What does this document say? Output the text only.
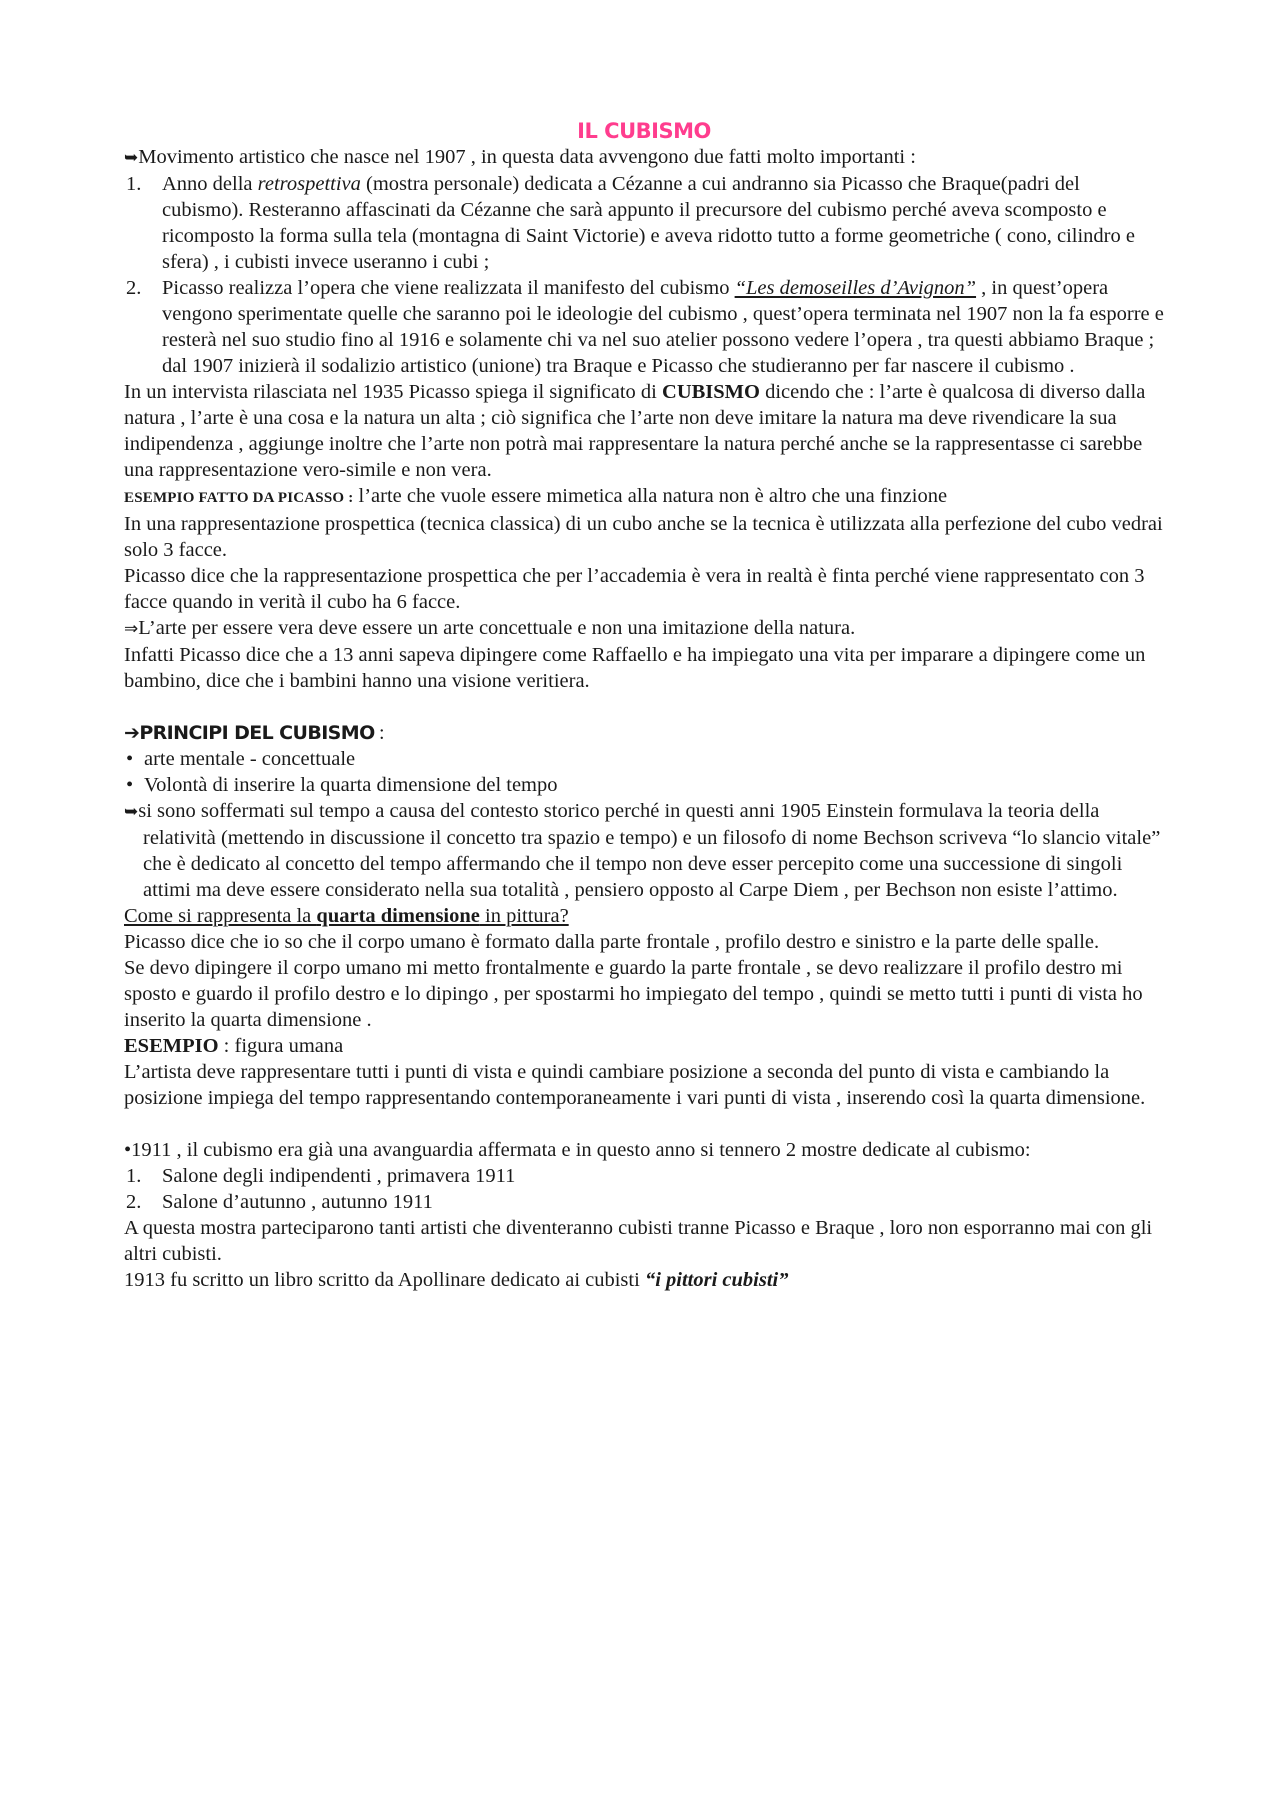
IL CUBISMO

➥Movimento artistico che nasce nel 1907 , in questa data avvengono due fatti molto importanti :

1. Anno della retrospettiva (mostra personale) dedicata a Cézanne a cui andranno sia Picasso che Braque(padri del cubismo). Resteranno affascinati da Cézanne che sarà appunto il precursore del cubismo perché aveva scomposto e ricomposto la forma sulla tela (montagna di Saint Victorie) e aveva ridotto tutto a forme geometriche ( cono, cilindro e sfera) , i cubisti invece useranno i cubi ;
2. Picasso realizza l’opera che viene realizzata il manifesto del cubismo “Les demoseilles d’Avignon” , in quest’opera vengono sperimentate quelle che saranno poi le ideologie del cubismo , quest’opera terminata nel 1907 non la fa esporre e resterà nel suo studio fino al 1916 e solamente chi va nel suo atelier possono vedere l’opera , tra questi abbiamo Braque ; dal 1907 inizierà il sodalizio artistico (unione) tra Braque e Picasso che studieranno per far nascere il cubismo .

In un intervista rilasciata nel 1935 Picasso spiega il significato di CUBISMO dicendo che : l’arte è qualcosa di diverso dalla natura , l’arte è una cosa e la natura un alta ; ciò significa che l’arte non deve imitare la natura ma deve rivendicare la sua indipendenza , aggiunge inoltre che l’arte non potrà mai rappresentare la natura perché anche se la rappresentasse ci sarebbe una rappresentazione vero-simile e non vera.

ESEMPIO FATTO DA PICASSO : l’arte che vuole essere mimetica alla natura non è altro che una finzione

In una rappresentazione prospettica (tecnica classica) di un cubo anche se la tecnica è utilizzata alla perfezione del cubo vedrai solo 3 facce.

Picasso dice che la rappresentazione prospettica che per l’accademia è vera in realtà è finta perché viene rappresentato con 3 facce quando in verità il cubo ha 6 facce.

⇒L’arte per essere vera deve essere un arte concettuale e non una imitazione della natura.

Infatti Picasso dice che a 13 anni sapeva dipingere come Raffaello e ha impiegato una vita per imparare a dipingere come un bambino, dice che i bambini hanno una visione veritiera.

➔PRINCIPI DEL CUBISMO :
• arte mentale - concettuale
• Volontà di inserire la quarta dimensione del tempo

➥si sono soffermati sul tempo a causa del contesto storico perché in questi anni 1905 Einstein formulava la teoria della relatività (mettendo in discussione il concetto tra spazio e tempo) e un filosofo di nome Bechson scriveva “lo slancio vitale” che è dedicato al concetto del tempo affermando che il tempo non deve esser percepito come una successione di singoli attimi ma deve essere considerato nella sua totalità , pensiero opposto al Carpe Diem , per Bechson non esiste l’attimo.

Come si rappresenta la quarta dimensione in pittura?

Picasso dice che io so che il corpo umano è formato dalla parte frontale , profilo destro e sinistro e la parte delle spalle.

Se devo dipingere il corpo umano mi metto frontalmente e guardo la parte frontale , se devo realizzare il profilo destro mi sposto e guardo il profilo destro e lo dipingo , per spostarmi ho impiegato del tempo , quindi se metto tutti i punti di vista ho inserito la quarta dimensione .

ESEMPIO : figura umana

L’artista deve rappresentare tutti i punti di vista e quindi cambiare posizione a seconda del punto di vista e cambiando la posizione impiega del tempo rappresentando contemporaneamente i vari punti di vista , inserendo così la quarta dimensione.

•1911 , il cubismo era già una avanguardia affermata e in questo anno si tennero 2 mostre dedicate al cubismo:

1. Salone degli indipendenti , primavera 1911
2. Salone d’autunno , autunno 1911

A questa mostra parteciparono tanti artisti che diventeranno cubisti tranne Picasso e Braque , loro non esporranno mai con gli altri cubisti.

1913 fu scritto un libro scritto da Apollinare dedicato ai cubisti “i pittori cubisti”
